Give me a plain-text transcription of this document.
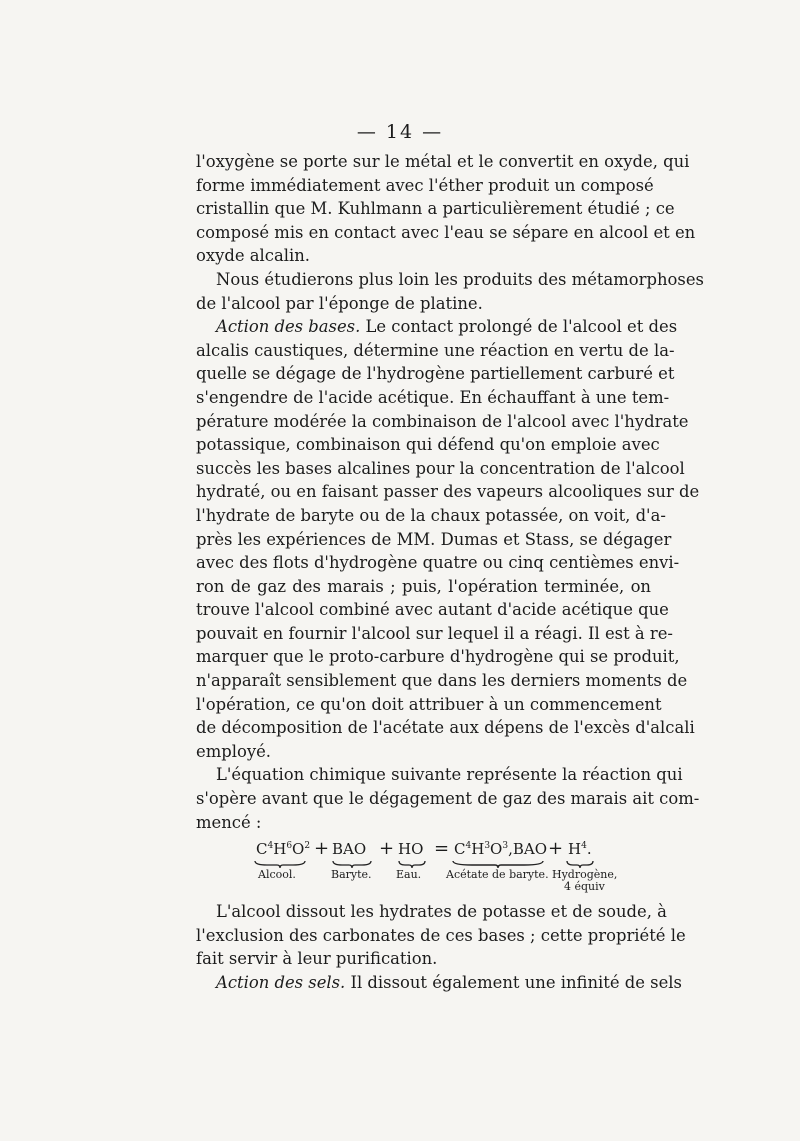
— 14 —
l'oxygène se porte sur le métal et le convertit en oxyde, qui
forme immédiatement avec l'éther produit un composé
cristallin que M. Kuhlmann a particulièrement étudié ; ce
composé mis en contact avec l'eau se sépare en alcool et en
oxyde alcalin.
Nous étudierons plus loin les produits des métamorphoses
de l'alcool par l'éponge de platine.
Action des bases. Le contact prolongé de l'alcool et des
alcalis caustiques, détermine une réaction en vertu de la-
quelle se dégage de l'hydrogène partiellement carburé et
s'engendre de l'acide acétique. En échauffant à une tem-
pérature modérée la combinaison de l'alcool avec l'hydrate
potassique, combinaison qui défend qu'on emploie avec
succès les bases alcalines pour la concentration de l'alcool
hydraté, ou en faisant passer des vapeurs alcooliques sur de
l'hydrate de baryte ou de la chaux potassée, on voit, d'a-
près les expériences de MM. Dumas et Stass, se dégager
avec des flots d'hydrogène quatre ou cinq centièmes envi-
ron de gaz des marais ; puis, l'opération terminée, on
trouve l'alcool combiné avec autant d'acide acétique que
pouvait en fournir l'alcool sur lequel il a réagi. Il est à re-
marquer que le proto-carbure d'hydrogène qui se produit,
n'apparaît sensiblement que dans les derniers moments de
l'opération, ce qu'on doit attribuer à un commencement
de décomposition de l'acétate aux dépens de l'excès d'alcali
employé.
L'équation chimique suivante représente la réaction qui
s'opère avant que le dégagement de gaz des marais ait com-
mencé :
$C^4H^6O^2$ + BAO + HO = $C^4H^3O^3,BAO + H^4$.
Alcool.	Baryte. Eau. Acétate de baryte. Hydrogène,
4 équiv
L'alcool dissout les hydrates de potasse et de soude, à
l'exclusion des carbonates de ces bases ; cette propriété le
fait servir à leur purification.
Action des sels. Il dissout également une infinité de sels
